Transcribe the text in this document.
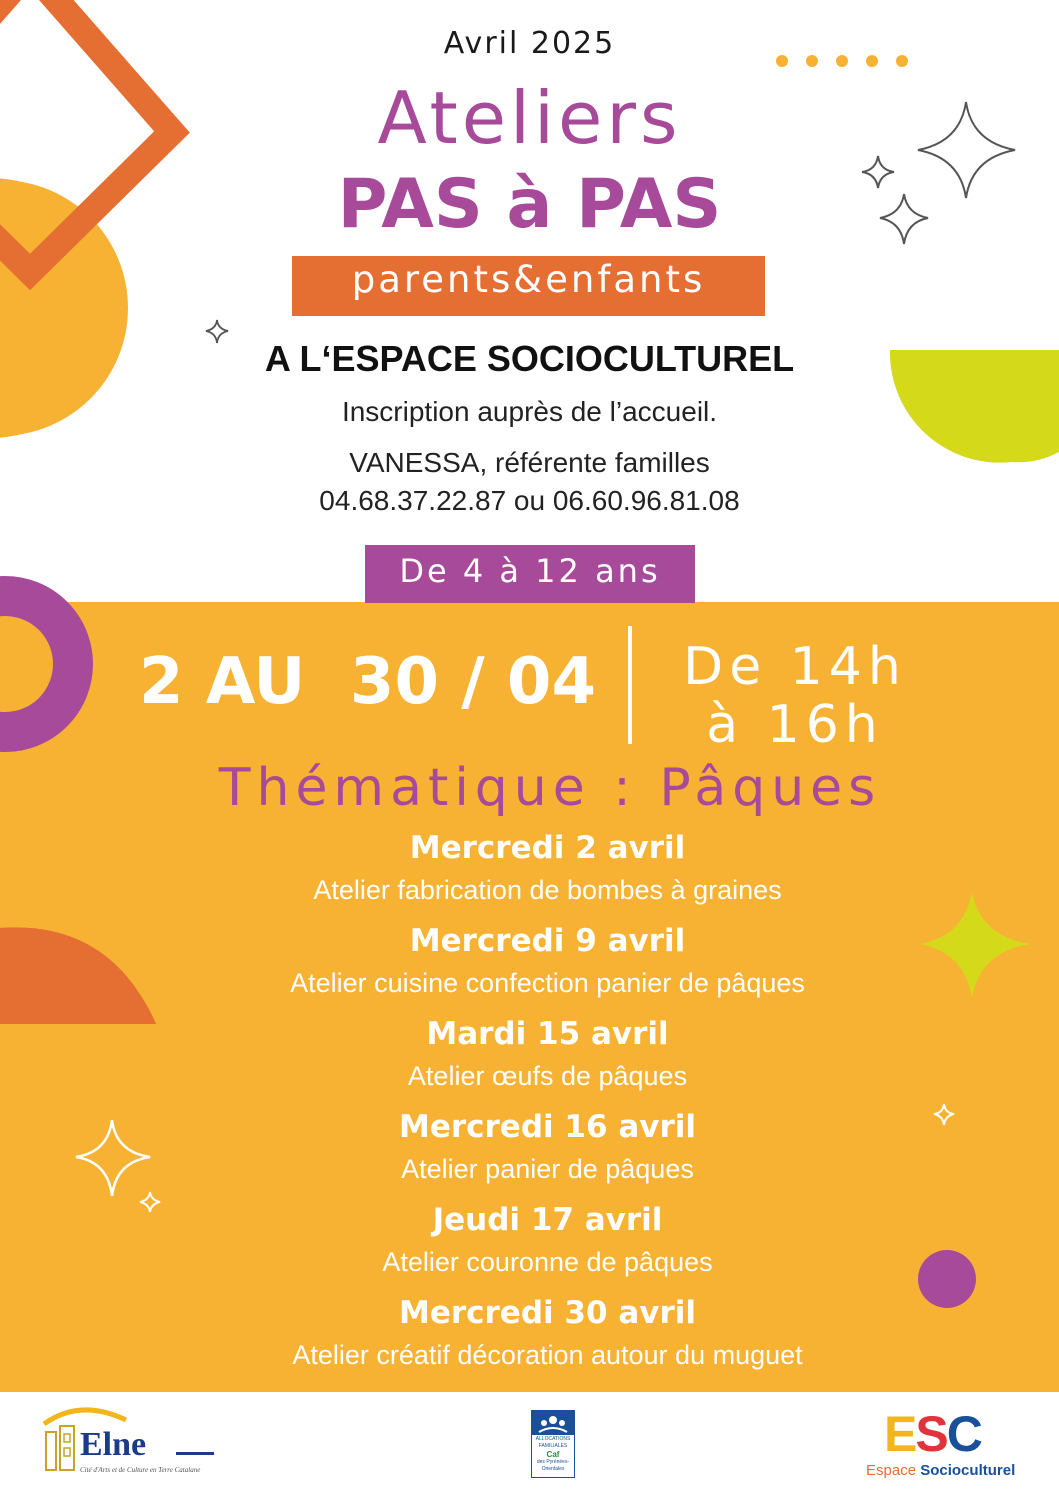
Avril 2025
Ateliers
PAS à PAS
parents&enfants
A L‘ESPACE SOCIOCULTUREL
Inscription auprès de l’accueil.
VANESSA, référente familles
04.68.37.22.87 ou 06.60.96.81.08
De 4 à 12 ans
2 AU  30 / 04	De 14h
à 16h
Thématique : Pâques
Mercredi 2 avril
Atelier fabrication de bombes à graines
Mercredi 9 avril
Atelier cuisine confection panier de pâques
Mardi 15 avril
Atelier œufs de pâques
Mercredi 16 avril
Atelier panier de pâques
Jeudi 17 avril
Atelier couronne de pâques
Mercredi 30 avril
Atelier créatif décoration autour du muguet
Elne
Cité d'Arts et de Culture en Terre Catalane
ALLOCATIONS
FAMILIALES
Caf
des Pyrénées-
Orientales
ESC
Espace Socioculturel
